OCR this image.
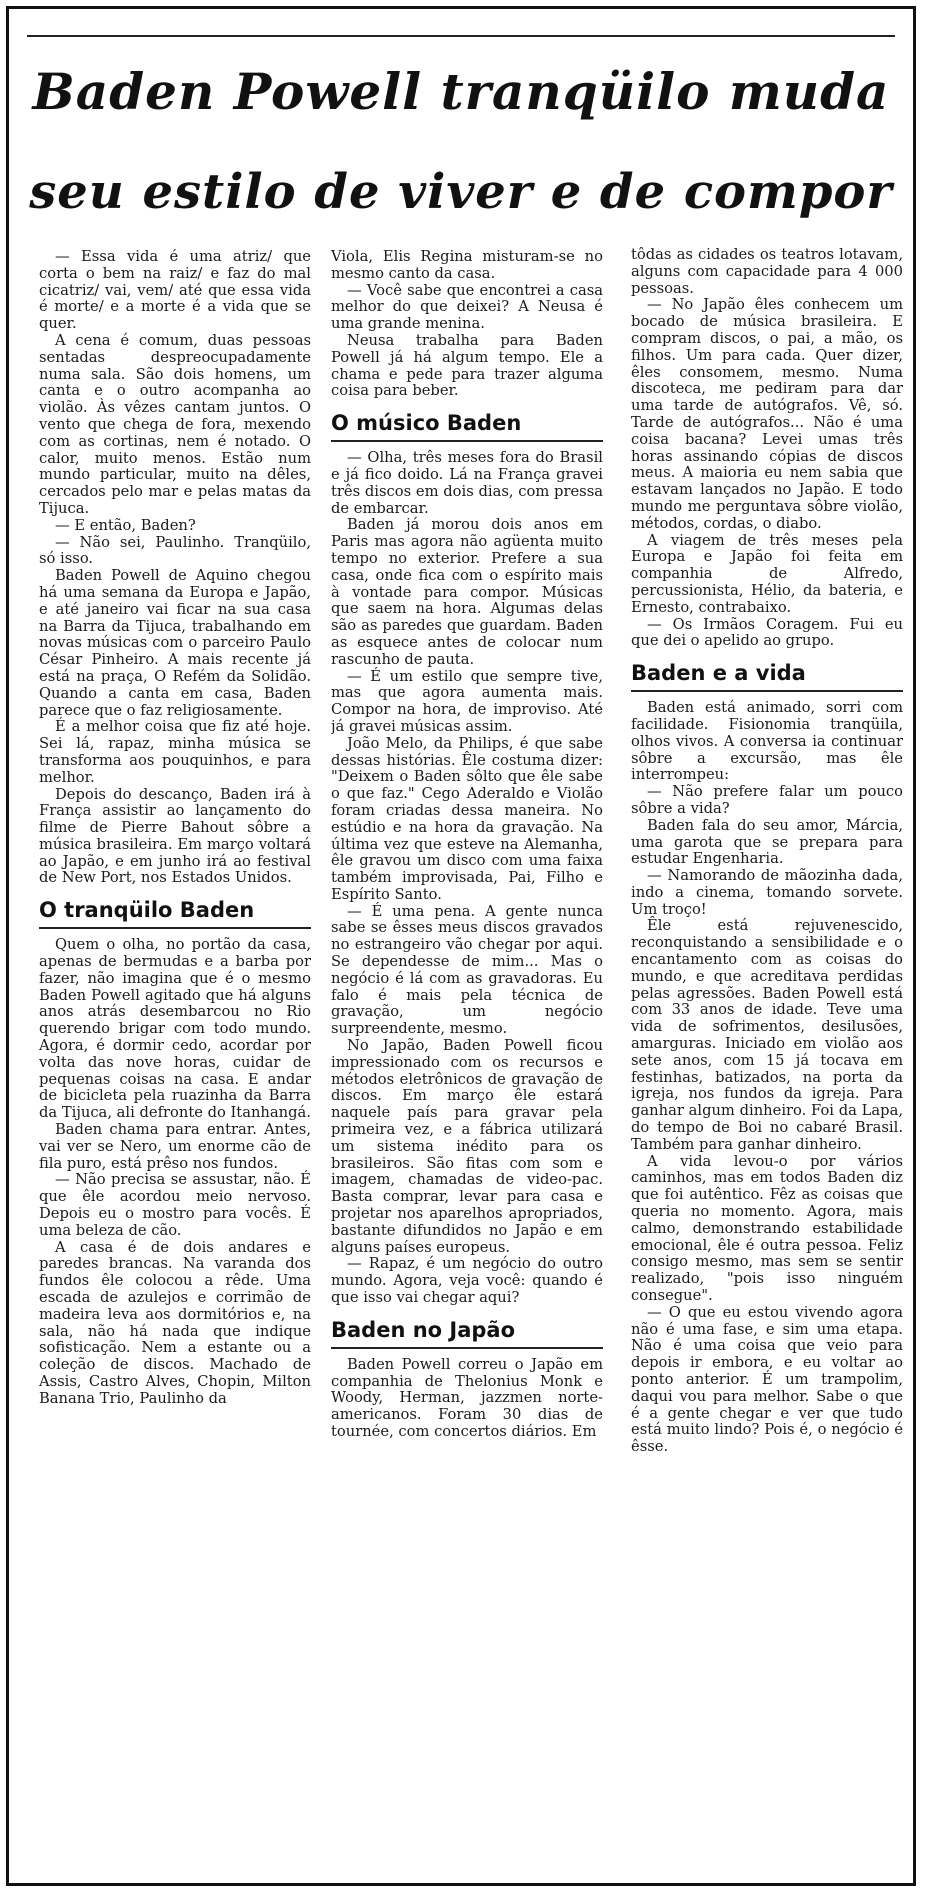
Baden Powell tranqüilo muda
seu estilo de viver e de compor

— Essa vida é uma atriz/ que corta o bem na raiz/ e faz do mal cicatriz/ vai, vem/ até que essa vida é morte/ e a morte é a vida que se quer.

A cena é comum, duas pessoas sentadas despreocupadamente numa sala. São dois homens, um canta e o outro acompanha ao violão. Às vêzes cantam juntos. O vento que chega de fora, mexendo com as cortinas, nem é notado. O calor, muito menos. Estão num mundo particular, muito na dêles, cercados pelo mar e pelas matas da Tijuca.

— E então, Baden?

— Não sei, Paulinho. Tranqüilo, só isso.

Baden Powell de Aquino chegou há uma semana da Europa e Japão, e até janeiro vai ficar na sua casa na Barra da Tijuca, trabalhando em novas músicas com o parceiro Paulo César Pinheiro. A mais recente já está na praça, O Refém da Solidão. Quando a canta em casa, Baden parece que o faz religiosamente.

É a melhor coisa que fiz até hoje. Sei lá, rapaz, minha música se transforma aos pouquinhos, e para melhor.

Depois do descanço, Baden irá à França assistir ao lançamento do filme de Pierre Bahout sôbre a música brasileira. Em março voltará ao Japão, e em junho irá ao festival de New Port, nos Estados Unidos.

O tranqüilo Baden

Quem o olha, no portão da casa, apenas de bermudas e a barba por fazer, não imagina que é o mesmo Baden Powell agitado que há alguns anos atrás desembarcou no Rio querendo brigar com todo mundo. Agora, é dormir cedo, acordar por volta das nove horas, cuidar de pequenas coisas na casa. E andar de bicicleta pela ruazinha da Barra da Tijuca, ali defronte do Itanhangá.

Baden chama para entrar. Antes, vai ver se Nero, um enorme cão de fila puro, está prêso nos fundos.

— Não precisa se assustar, não. É que êle acordou meio nervoso. Depois eu o mostro para vocês. É uma beleza de cão.

A casa é de dois andares e paredes brancas. Na varanda dos fundos êle colocou a rêde. Uma escada de azulejos e corrimão de madeira leva aos dormitórios e, na sala, não há nada que indique sofisticação. Nem a estante ou a coleção de discos. Machado de Assis, Castro Alves, Chopin, Milton Banana Trio, Paulinho da

Viola, Elis Regina misturam-se no mesmo canto da casa.

— Você sabe que encontrei a casa melhor do que deixei? A Neusa é uma grande menina.

Neusa trabalha para Baden Powell já há algum tempo. Ele a chama e pede para trazer alguma coisa para beber.

O músico Baden

— Olha, três meses fora do Brasil e já fico doido. Lá na França gravei três discos em dois dias, com pressa de embarcar.

Baden já morou dois anos em Paris mas agora não agüenta muito tempo no exterior. Prefere a sua casa, onde fica com o espírito mais à vontade para compor. Músicas que saem na hora. Algumas delas são as paredes que guardam. Baden as esquece antes de colocar num rascunho de pauta.

— É um estilo que sempre tive, mas que agora aumenta mais. Compor na hora, de improviso. Até já gravei músicas assim.

João Melo, da Philips, é que sabe dessas histórias. Êle costuma dizer: "Deixem o Baden sôlto que êle sabe o que faz." Cego Aderaldo e Violão foram criadas dessa maneira. No estúdio e na hora da gravação. Na última vez que esteve na Alemanha, êle gravou um disco com uma faixa também improvisada, Pai, Filho e Espírito Santo.

— É uma pena. A gente nunca sabe se êsses meus discos gravados no estrangeiro vão chegar por aqui. Se dependesse de mim... Mas o negócio é lá com as gravadoras. Eu falo é mais pela técnica de gravação, um negócio surpreendente, mesmo.

No Japão, Baden Powell ficou impressionado com os recursos e métodos eletrônicos de gravação de discos. Em março êle estará naquele país para gravar pela primeira vez, e a fábrica utilizará um sistema inédito para os brasileiros. São fitas com som e imagem, chamadas de video-pac. Basta comprar, levar para casa e projetar nos aparelhos apropriados, bastante difundidos no Japão e em alguns países europeus.

— Rapaz, é um negócio do outro mundo. Agora, veja você: quando é que isso vai chegar aqui?

Baden no Japão

Baden Powell correu o Japão em companhia de Thelonius Monk e Woody, Herman, jazzmen norte-americanos. Foram 30 dias de tournée, com concertos diários. Em

tôdas as cidades os teatros lotavam, alguns com capacidade para 4 000 pessoas.

— No Japão êles conhecem um bocado de música brasileira. E compram discos, o pai, a mão, os filhos. Um para cada. Quer dizer, êles consomem, mesmo. Numa discoteca, me pediram para dar uma tarde de autógrafos. Vê, só. Tarde de autógrafos... Não é uma coisa bacana? Levei umas três horas assinando cópias de discos meus. A maioria eu nem sabia que estavam lançados no Japão. E todo mundo me perguntava sôbre violão, métodos, cordas, o diabo.

A viagem de três meses pela Europa e Japão foi feita em companhia de Alfredo, percussionista, Hélio, da bateria, e Ernesto, contrabaixo.

— Os Irmãos Coragem. Fui eu que dei o apelido ao grupo.

Baden e a vida

Baden está animado, sorri com facilidade. Fisionomia tranqüila, olhos vivos. A conversa ia continuar sôbre a excursão, mas êle interrompeu:

— Não prefere falar um pouco sôbre a vida?

Baden fala do seu amor, Márcia, uma garota que se prepara para estudar Engenharia.

— Namorando de mãozinha dada, indo a cinema, tomando sorvete. Um troço!

Êle está rejuvenescido, reconquistando a sensibilidade e o encantamento com as coisas do mundo, e que acreditava perdidas pelas agressões. Baden Powell está com 33 anos de idade. Teve uma vida de sofrimentos, desilusões, amarguras. Iniciado em violão aos sete anos, com 15 já tocava em festinhas, batizados, na porta da igreja, nos fundos da igreja. Para ganhar algum dinheiro. Foi da Lapa, do tempo de Boi no cabaré Brasil. Também para ganhar dinheiro.

A vida levou-o por vários caminhos, mas em todos Baden diz que foi autêntico. Fêz as coisas que queria no momento. Agora, mais calmo, demonstrando estabilidade emocional, êle é outra pessoa. Feliz consigo mesmo, mas sem se sentir realizado, "pois isso ninguém consegue".

— O que eu estou vivendo agora não é uma fase, e sim uma etapa. Não é uma coisa que veio para depois ir embora, e eu voltar ao ponto anterior. É um trampolim, daqui vou para melhor. Sabe o que é a gente chegar e ver que tudo está muito lindo? Pois é, o negócio é êsse.
